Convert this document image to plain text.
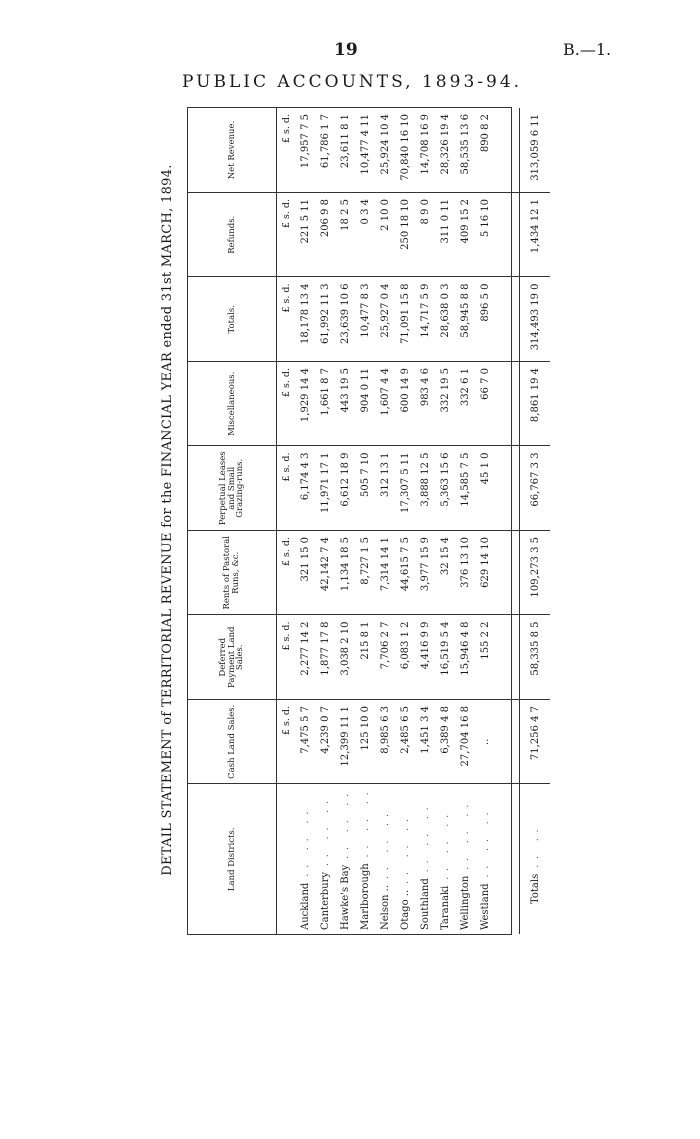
19	B.—1.
PUBLIC ACCOUNTS, 1893-94.
DETAIL STATEMENT of TERRITORIAL REVENUE for the FINANCIAL YEAR ended 31st MARCH, 1894.	Land Districts.	Cash Land Sales.	Deferred Payment Land Sales.	Rents of Pastoral Runs, &c.	Perpetual Leases and Small Grazing-runs.	Miscellaneous.	Totals.	Refunds.	Net Revenue.
	£ s. d.	£ s. d.	£ s. d.	£ s. d.	£ s. d.	£ s. d.	£ s. d.	£ s. d.
Auckland.. .. ..	7,475 5 7	2,277 14 2	321 15 0	6,174 4 3	1,929 14 4	18,178 13 4	221 5 11	17,957 7 5
Canterbury.. .. ..	4,239 0 7	1,877 17 8	42,142 7 4	11,971 17 1	1,661 8 7	61,992 11 3	206 9 8	61,786 1 7
Hawke's Bay.. .. ..	12,399 11 1	3,038 2 10	1,134 18 5	6,612 18 9	443 19 5	23,639 10 6	18 2 5	23,611 8 1
Marlborough.. .. ..	125 10 0	215 8 1	8,727 1 5	505 7 10	904 0 11	10,477 8 3	0 3 4	10,477 4 11
Nelson .... .. ..	8,985 6 3	7,706 2 7	7,314 14 1	312 13 1	1,607 4 4	25,927 0 4	2 10 0	25,924 10 4
Otago .... .. ..	2,485 6 5	6,083 1 2	44,615 7 5	17,307 5 11	600 14 9	71,091 15 8	250 18 10	70,840 16 10
Southland.. .. ..	1,451 3 4	4,416 9 9	3,977 15 9	3,888 12 5	983 4 6	14,717 5 9	8 9 0	14,708 16 9
Taranaki.. .. ..	6,389 4 8	16,519 5 4	32 15 4	5,363 15 6	332 19 5	28,638 0 3	311 0 11	28,326 19 4
Wellington.. .. ..	27,704 16 8	15,946 4 8	376 13 10	14,585 7 5	332 6 1	58,945 8 8	409 15 2	58,535 13 6
Westland.. .. ..	..	155 2 2	629 14 10	45 1 0	66 7 0	896 5 0	5 16 10	890 8 2

Totals.. ..	71,256 4 7	58,335 8 5	109,273 3 5	66,767 3 3	8,861 19 4	314,493 19 0	1,434 12 1	313,059 6 11
